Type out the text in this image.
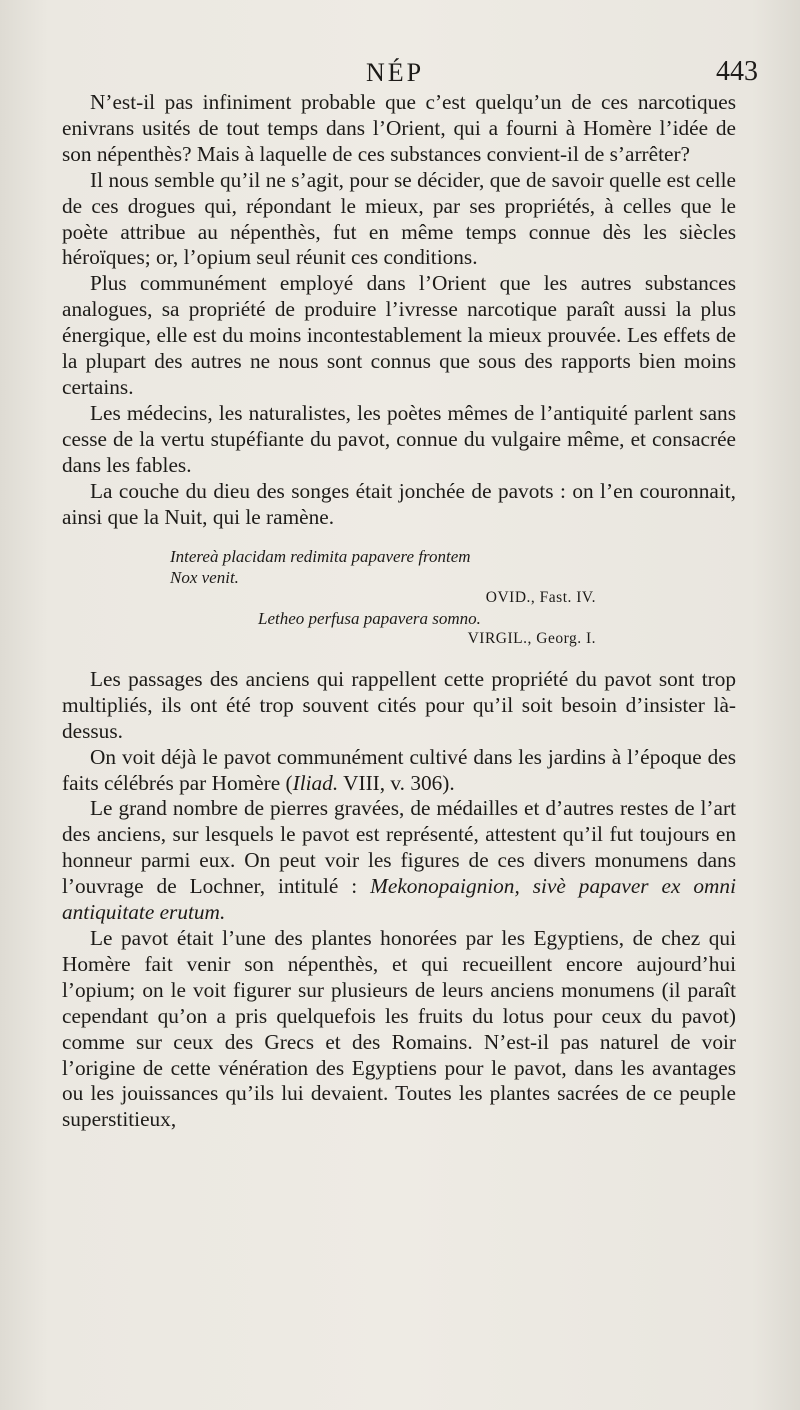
NÉP	443

N’est-il pas infiniment probable que c’est quelqu’un de ces narcotiques enivrans usités de tout temps dans l’Orient, qui a fourni à Homère l’idée de son népenthès? Mais à laquelle de ces substances convient-il de s’arrêter?

Il nous semble qu’il ne s’agit, pour se décider, que de savoir quelle est celle de ces drogues qui, répondant le mieux, par ses propriétés, à celles que le poète attribue au népenthès, fut en même temps connue dès les siècles héroïques; or, l’opium seul réunit ces conditions.

Plus communément employé dans l’Orient que les autres substances analogues, sa propriété de produire l’ivresse narcotique paraît aussi la plus énergique, elle est du moins incontestablement la mieux prouvée. Les effets de la plupart des autres ne nous sont connus que sous des rapports bien moins certains.

Les médecins, les naturalistes, les poètes mêmes de l’antiquité parlent sans cesse de la vertu stupéfiante du pavot, connue du vulgaire même, et consacrée dans les fables.

La couche du dieu des songes était jonchée de pavots : on l’en couronnait, ainsi que la Nuit, qui le ramène.

Intereà placidam redimita papavere frontem
Nox venit.
OVID., Fast. IV.
Letheo perfusa papavera somno.
VIRGIL., Georg. I.

Les passages des anciens qui rappellent cette propriété du pavot sont trop multipliés, ils ont été trop souvent cités pour qu’il soit besoin d’insister là-dessus.

On voit déjà le pavot communément cultivé dans les jardins à l’époque des faits célébrés par Homère (Iliad. VIII, v. 306).

Le grand nombre de pierres gravées, de médailles et d’autres restes de l’art des anciens, sur lesquels le pavot est représenté, attestent qu’il fut toujours en honneur parmi eux. On peut voir les figures de ces divers monumens dans l’ouvrage de Lochner, intitulé : Mekonopaignion, sivè papaver ex omni antiquitate erutum.

Le pavot était l’une des plantes honorées par les Egyptiens, de chez qui Homère fait venir son népenthès, et qui recueillent encore aujourd’hui l’opium; on le voit figurer sur plusieurs de leurs anciens monumens (il paraît cependant qu’on a pris quelquefois les fruits du lotus pour ceux du pavot) comme sur ceux des Grecs et des Romains. N’est-il pas naturel de voir l’origine de cette vénération des Egyptiens pour le pavot, dans les avantages ou les jouissances qu’ils lui devaient. Toutes les plantes sacrées de ce peuple superstitieux,
